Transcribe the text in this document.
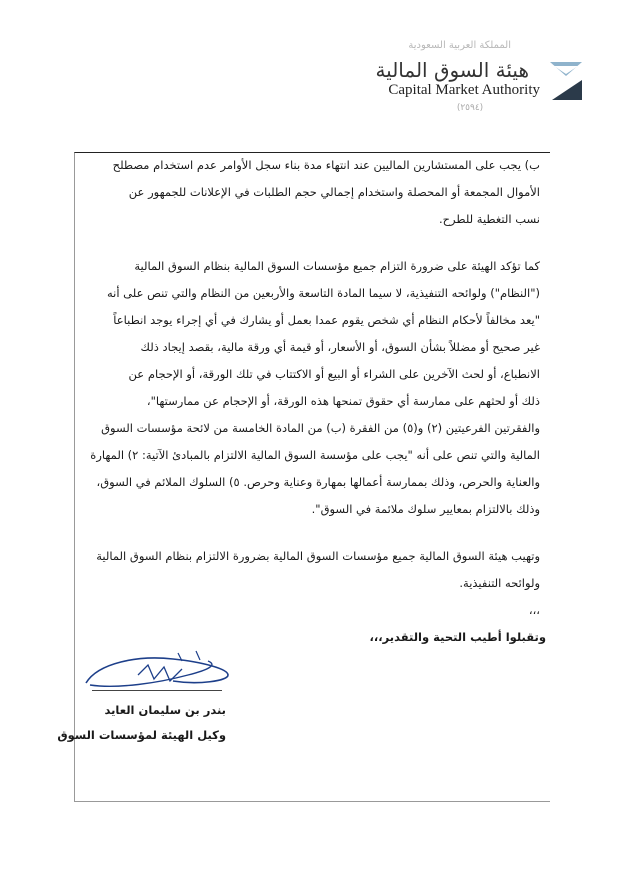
المملكة العربية السعودية
هيئة السوق المالية
Capital Market Authority
(٢٥٩٤)

ب) يجب على المستشارين الماليين عند انتهاء مدة بناء سجل الأوامر عدم استخدام مصطلح
الأموال المجمعة أو المحصلة واستخدام إجمالي حجم الطلبات في الإعلانات للجمهور عن
نسب التغطية للطرح.

كما تؤكد الهيئة على ضرورة التزام جميع مؤسسات السوق المالية بنظام السوق المالية
("النظام") ولوائحه التنفيذية، لا سيما المادة التاسعة والأربعين من النظام والتي تنص على أنه
"يعد مخالفاً لأحكام النظام أي شخص يقوم عمدا بعمل أو يشارك في أي إجراء يوجد انطباعاً
غير صحيح أو مضللاً بشأن السوق، أو الأسعار، أو قيمة أي ورقة مالية، بقصد إيجاد ذلك
الانطباع، أو لحث الآخرين على الشراء أو البيع أو الاكتتاب في تلك الورقة، أو الإحجام عن
ذلك أو لحثهم على ممارسة أي حقوق تمنحها هذه الورقة، أو الإحجام عن ممارستها"،
والفقرتين الفرعيتين (٢) و(٥) من الفقرة (ب) من المادة الخامسة من لائحة مؤسسات السوق
المالية والتي تنص على أنه "يجب على مؤسسة السوق المالية الالتزام بالمبادئ الآتية: ٢) المهارة
والعناية والحرص، وذلك بممارسة أعمالها بمهارة وعناية وحرص. ٥) السلوك الملائم في السوق،
وذلك بالالتزام بمعايير سلوك ملائمة في السوق".

وتهيب هيئة السوق المالية جميع مؤسسات السوق المالية بضرورة الالتزام بنظام السوق المالية
ولوائحه التنفيذية.
،،،

وتقبلوا أطيب التحية والتقدير،،،
بندر بن سليمان العايد
وكيل الهيئة لمؤسسات السوق
